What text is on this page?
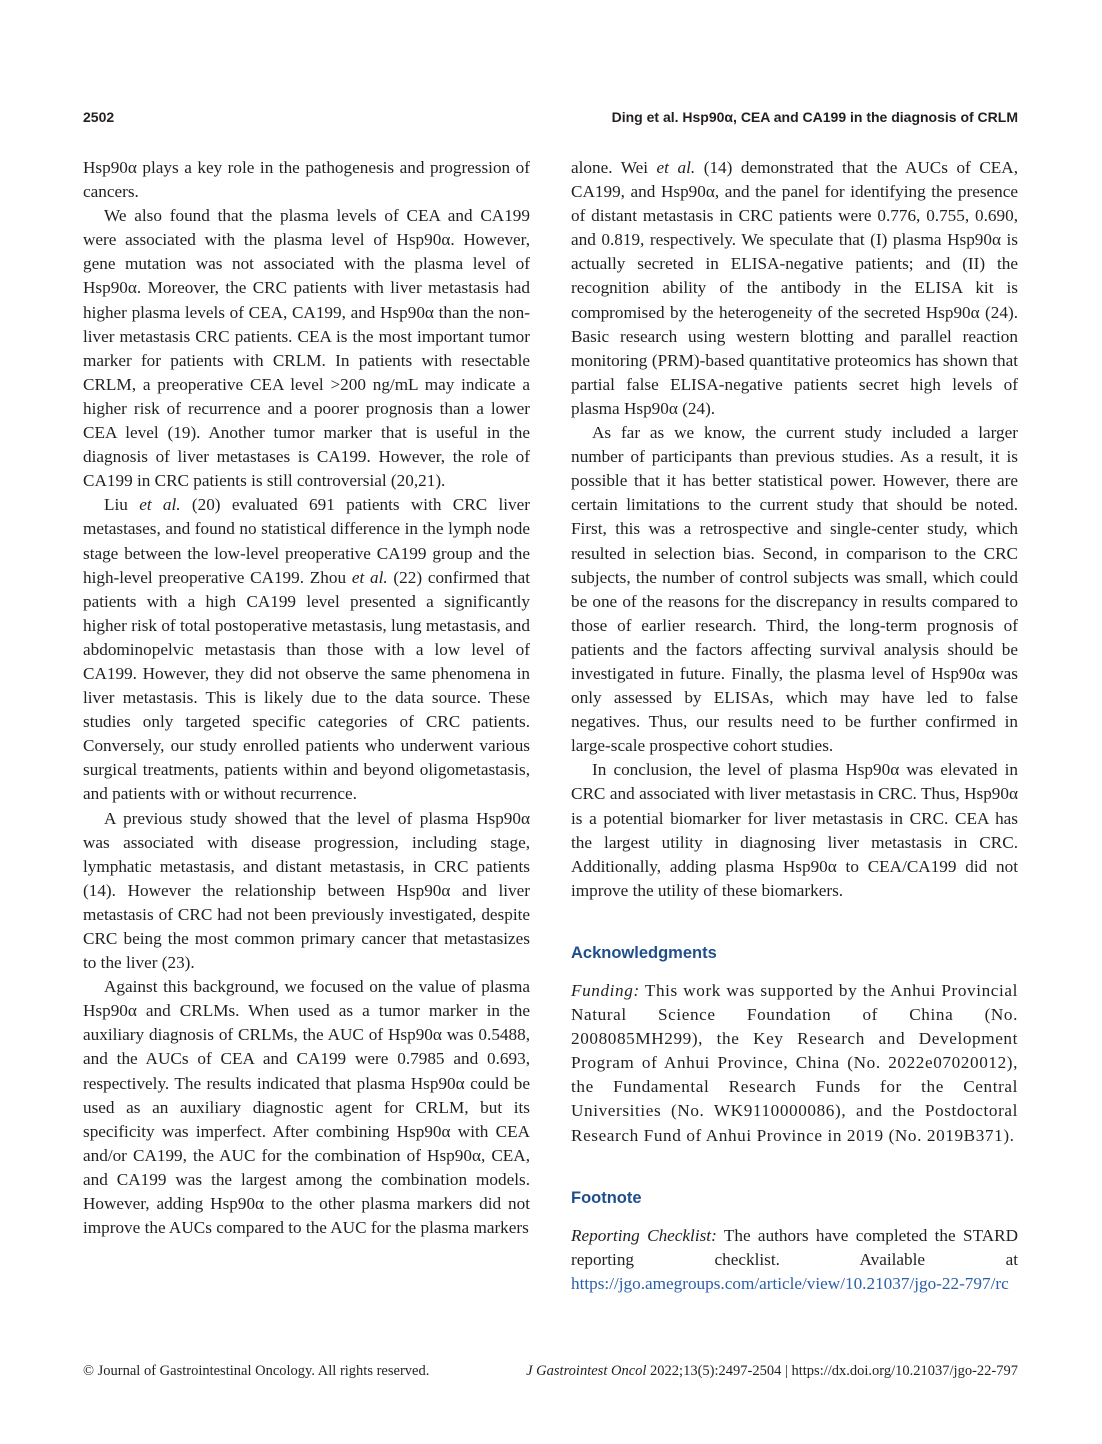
2502	Ding et al. Hsp90α, CEA and CA199 in the diagnosis of CRLM

Hsp90α plays a key role in the pathogenesis and progression of cancers.

We also found that the plasma levels of CEA and CA199 were associated with the plasma level of Hsp90α. However, gene mutation was not associated with the plasma level of Hsp90α. Moreover, the CRC patients with liver metastasis had higher plasma levels of CEA, CA199, and Hsp90α than the non-liver metastasis CRC patients. CEA is the most important tumor marker for patients with CRLM. In patients with resectable CRLM, a preoperative CEA level >200 ng/mL may indicate a higher risk of recurrence and a poorer prognosis than a lower CEA level (19). Another tumor marker that is useful in the diagnosis of liver metastases is CA199. However, the role of CA199 in CRC patients is still controversial (20,21).

Liu et al. (20) evaluated 691 patients with CRC liver metastases, and found no statistical difference in the lymph node stage between the low-level preoperative CA199 group and the high-level preoperative CA199. Zhou et al. (22) confirmed that patients with a high CA199 level presented a significantly higher risk of total postoperative metastasis, lung metastasis, and abdominopelvic metastasis than those with a low level of CA199. However, they did not observe the same phenomena in liver metastasis. This is likely due to the data source. These studies only targeted specific categories of CRC patients. Conversely, our study enrolled patients who underwent various surgical treatments, patients within and beyond oligometastasis, and patients with or without recurrence.

A previous study showed that the level of plasma Hsp90α was associated with disease progression, including stage, lymphatic metastasis, and distant metastasis, in CRC patients (14). However the relationship between Hsp90α and liver metastasis of CRC had not been previously investigated, despite CRC being the most common primary cancer that metastasizes to the liver (23).

Against this background, we focused on the value of plasma Hsp90α and CRLMs. When used as a tumor marker in the auxiliary diagnosis of CRLMs, the AUC of Hsp90α was 0.5488, and the AUCs of CEA and CA199 were 0.7985 and 0.693, respectively. The results indicated that plasma Hsp90α could be used as an auxiliary diagnostic agent for CRLM, but its specificity was imperfect. After combining Hsp90α with CEA and/or CA199, the AUC for the combination of Hsp90α, CEA, and CA199 was the largest among the combination models. However, adding Hsp90α to the other plasma markers did not improve the AUCs compared to the AUC for the plasma markers

alone. Wei et al. (14) demonstrated that the AUCs of CEA, CA199, and Hsp90α, and the panel for identifying the presence of distant metastasis in CRC patients were 0.776, 0.755, 0.690, and 0.819, respectively. We speculate that (I) plasma Hsp90α is actually secreted in ELISA-negative patients; and (II) the recognition ability of the antibody in the ELISA kit is compromised by the heterogeneity of the secreted Hsp90α (24). Basic research using western blotting and parallel reaction monitoring (PRM)-based quantitative proteomics has shown that partial false ELISA-negative patients secret high levels of plasma Hsp90α (24).

As far as we know, the current study included a larger number of participants than previous studies. As a result, it is possible that it has better statistical power. However, there are certain limitations to the current study that should be noted. First, this was a retrospective and single-center study, which resulted in selection bias. Second, in comparison to the CRC subjects, the number of control subjects was small, which could be one of the reasons for the discrepancy in results compared to those of earlier research. Third, the long-term prognosis of patients and the factors affecting survival analysis should be investigated in future. Finally, the plasma level of Hsp90α was only assessed by ELISAs, which may have led to false negatives. Thus, our results need to be further confirmed in large-scale prospective cohort studies.

In conclusion, the level of plasma Hsp90α was elevated in CRC and associated with liver metastasis in CRC. Thus, Hsp90α is a potential biomarker for liver metastasis in CRC. CEA has the largest utility in diagnosing liver metastasis in CRC. Additionally, adding plasma Hsp90α to CEA/CA199 did not improve the utility of these biomarkers.

Acknowledgments

Funding: This work was supported by the Anhui Provincial Natural Science Foundation of China (No. 2008085MH299), the Key Research and Development Program of Anhui Province, China (No. 2022e07020012), the Fundamental Research Funds for the Central Universities (No. WK9110000086), and the Postdoctoral Research Fund of Anhui Province in 2019 (No. 2019B371).

Footnote

Reporting Checklist: The authors have completed the STARD reporting checklist. Available at https://jgo.amegroups.com/article/view/10.21037/jgo-22-797/rc

© Journal of Gastrointestinal Oncology. All rights reserved.	J Gastrointest Oncol 2022;13(5):2497-2504 | https://dx.doi.org/10.21037/jgo-22-797
